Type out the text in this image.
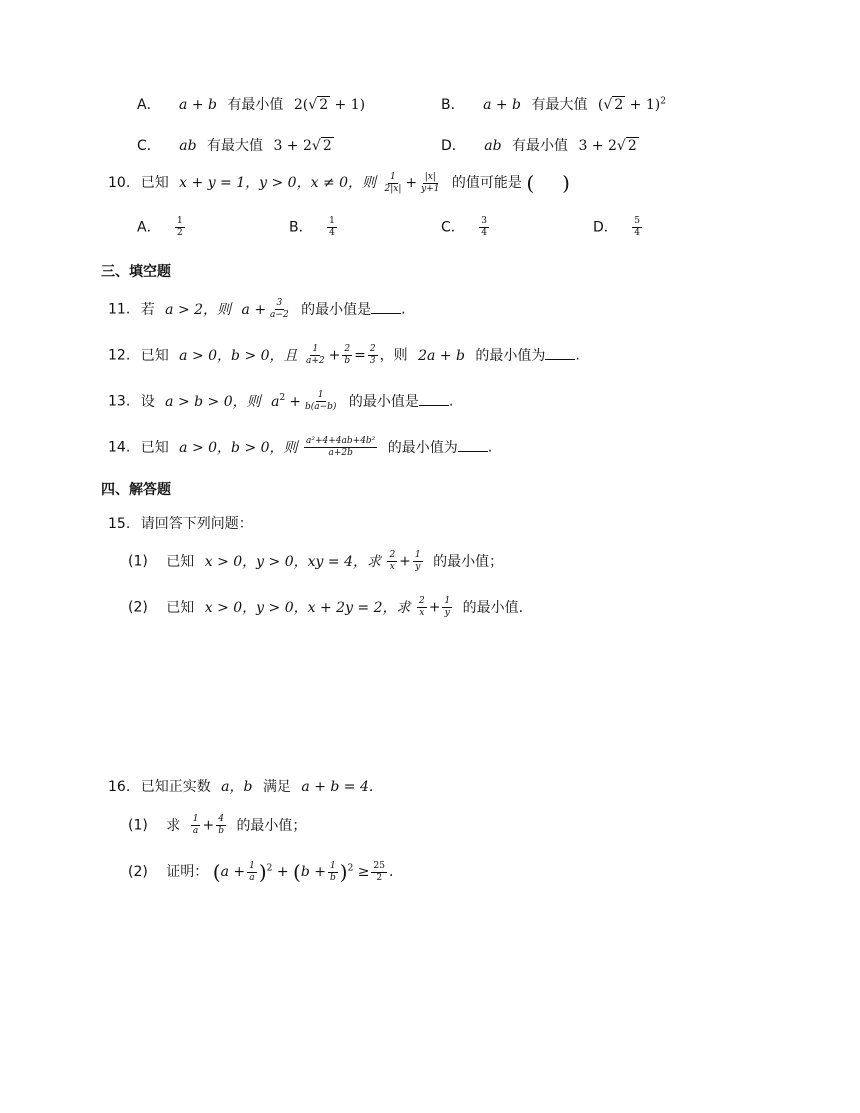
A． a + b 有最小值 2(√ 2 + 1)	B． a + b 有最大值 (√ 2 + 1)$^2$
C． ab 有最大值 3 + 2√ 2	D． ab 有最小值 3 + 2√ 2
10. 已知 x + y = 1，y > 0，x ≠ 0，则 $\frac{1}{2|x|} + \frac{|x|}{y+1}$ 的值可能是 ( )
A． $\frac{1}{2}$	B． $\frac{1}{4}$	C． $\frac{3}{4}$	D． $\frac{5}{4}$
三、填空题
11. 若 a > 2，则 $a + \frac{3}{a-2}$ 的最小值是 .
12. 已知 a > 0，b > 0，且 $\frac{1}{a+2} + \frac{2}{b} = \frac{2}{3}$ ，则 2a + b 的最小值为 .
13. 设 a > b > 0，则 $a^2 + \frac{1}{b(a-b)}$ 的最小值是 .
14. 已知 a > 0，b > 0，则 $\frac{\text{a²+4+4ab+4b²}}{a+2b}$ 的最小值为 .
四、解答题
15. 请回答下列问题：
(1) 已知 x > 0，y > 0，xy = 4，求 $\frac{2}{x} + \frac{1}{y}$ 的最小值；
(2) 已知 x > 0，y > 0，x + 2y = 2，求 $\frac{2}{x} + \frac{1}{y}$ 的最小值.
16. 已知正实数 a，b 满足 a + b = 4.
(1) 求 $\frac{1}{a} + \frac{4}{b}$ 的最小值；
(2) 证明： $(a + \frac{1}{a} )^2 + (b + \frac{1}{b} )^2 \ge \frac{25}{2}$ .
